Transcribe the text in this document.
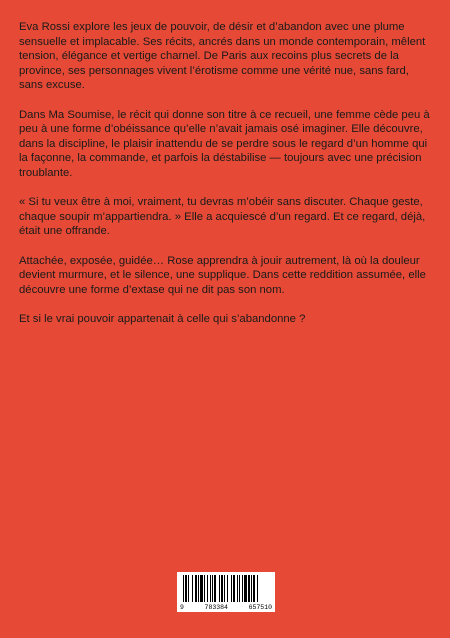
Eva Rossi explore les jeux de pouvoir, de désir et d’abandon avec une plume sensuelle et implacable. Ses récits, ancrés dans un monde contemporain, mêlent tension, élégance et vertige charnel. De Paris aux recoins plus secrets de la province, ses personnages vivent l’érotisme comme une vérité nue, sans fard, sans excuse.

Dans Ma Soumise, le récit qui donne son titre à ce recueil, une femme cède peu à peu à une forme d’obéissance qu’elle n’avait jamais osé imaginer. Elle découvre, dans la discipline, le plaisir inattendu de se perdre sous le regard d’un homme qui la façonne, la commande, et parfois la déstabilise — toujours avec une précision troublante.

« Si tu veux être à moi, vraiment, tu devras m’obéir sans discuter. Chaque geste, chaque soupir m’appartiendra. » Elle a acquiescé d’un regard. Et ce regard, déjà, était une offrande.

Attachée, exposée, guidée… Rose apprendra à jouir autrement, là où la douleur devient murmure, et le silence, une supplique. Dans cette reddition assumée, elle découvre une forme d’extase qui ne dit pas son nom.

Et si le vrai pouvoir appartenait à celle qui s’abandonne ?

9	783384	657510
